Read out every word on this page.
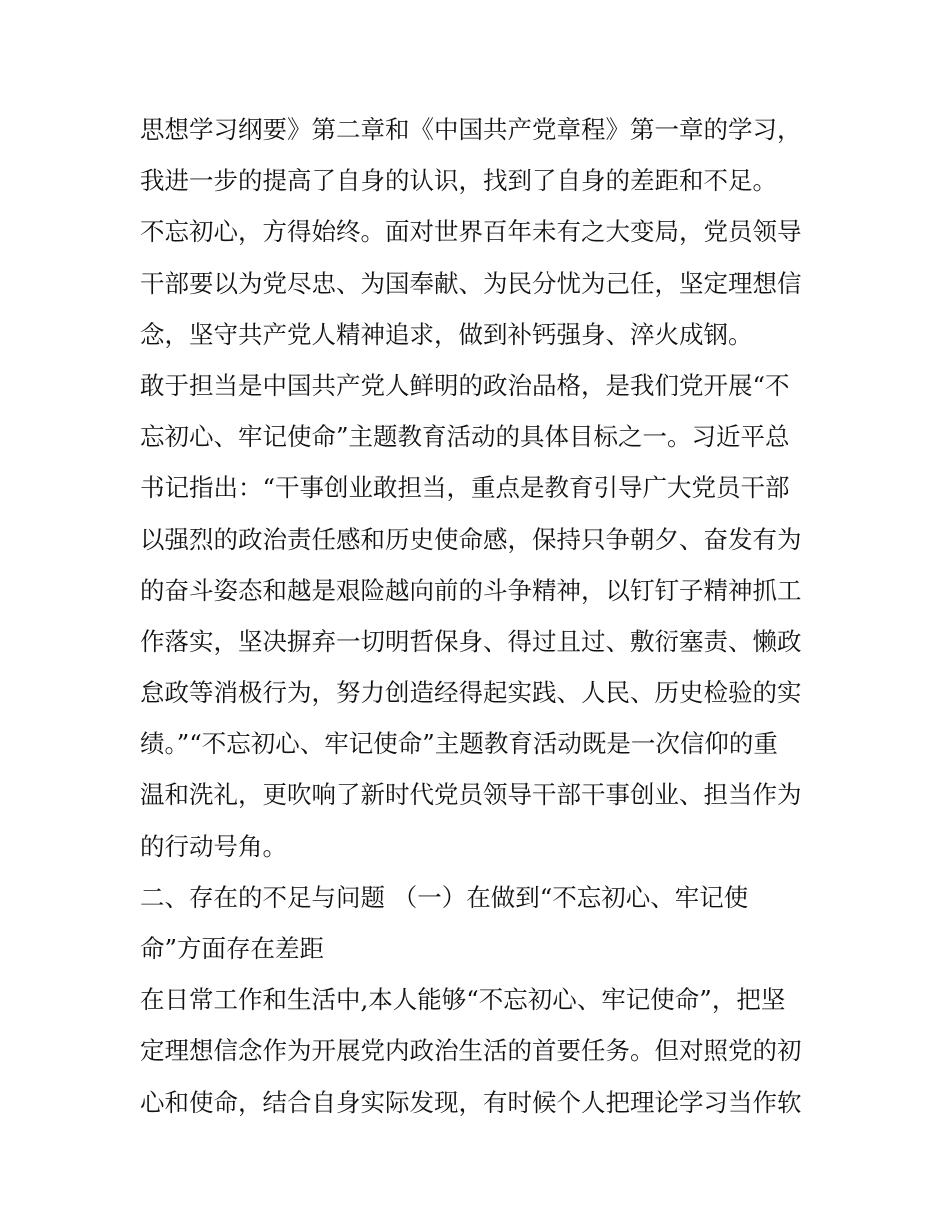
思想学习纲要》第二章和《中国共产党章程》第一章的学习，
我进一步的提高了自身的认识，找到了自身的差距和不足。
不忘初心，方得始终。面对世界百年未有之大变局，党员领导
干部要以为党尽忠、为国奉献、为民分忧为己任，坚定理想信
念，坚守共产党人精神追求，做到补钙强身、淬火成钢。
敢于担当是中国共产党人鲜明的政治品格，是我们党开展“不
忘初心、牢记使命”主题教育活动的具体目标之一。习近平总
书记指出：“干事创业敢担当，重点是教育引导广大党员干部
以强烈的政治责任感和历史使命感，保持只争朝夕、奋发有为
的奋斗姿态和越是艰险越向前的斗争精神，以钉钉子精神抓工
作落实，坚决摒弃一切明哲保身、得过且过、敷衍塞责、懒政
怠政等消极行为，努力创造经得起实践、人民、历史检验的实
绩。”“不忘初心、牢记使命”主题教育活动既是一次信仰的重
温和洗礼，更吹响了新时代党员领导干部干事创业、担当作为
的行动号角。
二、存在的不足与问题 （一）在做到“不忘初心、牢记使
命”方面存在差距
在日常工作和生活中,本人能够“不忘初心、牢记使命”，把坚
定理想信念作为开展党内政治生活的首要任务。但对照党的初
心和使命，结合自身实际发现，有时候个人把理论学习当作软
